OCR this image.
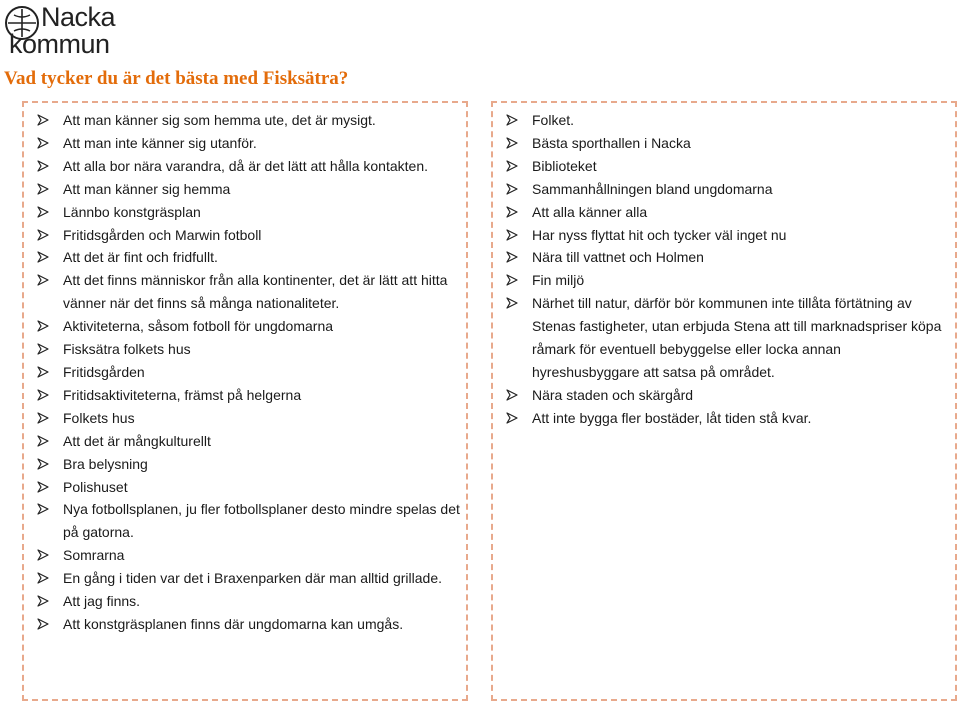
Nacka
kommun
Vad tycker du är det bästa med Fisksätra?
Att man känner sig som hemma ute, det är mysigt.
Att man inte känner sig utanför.
Att alla bor nära varandra, då är det lätt att hålla kontakten.
Att man känner sig hemma
Lännbo konstgräsplan
Fritidsgården och Marwin fotboll
Att det är fint och fridfullt.
Att det finns människor från alla kontinenter, det är lätt att hitta vänner när det finns så många nationaliteter.
Aktiviteterna, såsom fotboll för ungdomarna
Fisksätra folkets hus
Fritidsgården
Fritidsaktiviteterna, främst på helgerna
Folkets hus
Att det är mångkulturellt
Bra belysning
Polishuset
Nya fotbollsplanen, ju fler fotbollsplaner desto mindre spelas det på gatorna.
Somrarna
En gång i tiden var det i Braxenparken där man alltid grillade.
Att jag finns.
Att konstgräsplanen finns där ungdomarna kan umgås.
Folket.
Bästa sporthallen i Nacka
Biblioteket
Sammanhållningen bland ungdomarna
Att alla känner alla
Har nyss flyttat hit och tycker väl inget nu
Nära till vattnet och Holmen
Fin miljö
Närhet till natur, därför bör kommunen inte tillåta förtätning av Stenas fastigheter, utan erbjuda Stena att till marknadspriser köpa råmark för eventuell bebyggelse eller locka annan hyreshusbyggare att satsa på området.
Nära staden och skärgård
Att inte bygga fler bostäder, låt tiden stå kvar.
